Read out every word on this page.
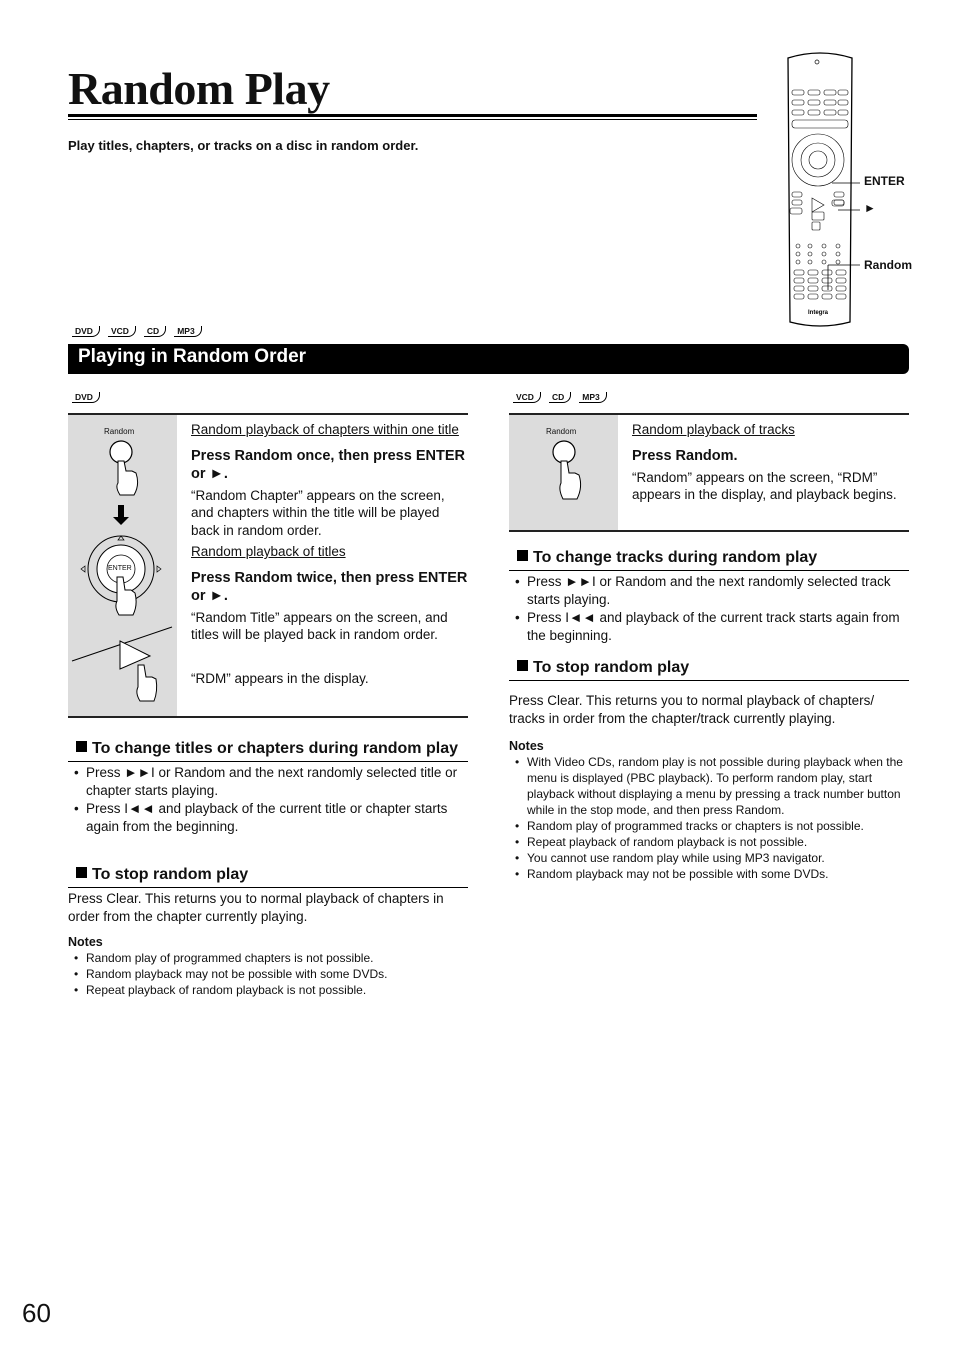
Random Play
Play titles, chapters, or tracks on a disc in random order.
Integra
ENTER
►
Random
DVD	VCD	CD	MP3
Playing in Random Order
DVD
Random
ENTER
Random playback of chapters within one title
Press Random once, then press ENTER or ►.
“Random Chapter” appears on the screen, and chapters within the title will be played back in random order.
Random playback of titles
Press Random twice, then press ENTER or ►.
“Random Title” appears on the screen, and titles will be played back in random order.
“RDM” appears in the display.
To change titles or chapters during random play
• Press ►►I or Random and the next randomly selected title or chapter starts playing.
• Press I◄◄ and playback of the current title or chapter starts again from the beginning.
To stop random play
Press Clear. This returns you to normal playback of chapters in order from the chapter currently playing.
Notes
• Random play of programmed chapters is not possible.
• Random playback may not be possible with some DVDs.
• Repeat playback of random playback is not possible.
VCD	CD	MP3
Random	Random playback of tracks
Press Random.
“Random” appears on the screen, “RDM” appears in the display, and playback begins.
To change tracks during random play
• Press ►►I or Random and the next randomly selected track starts playing.
• Press I◄◄ and playback of the current track starts again from the beginning.
To stop random play
Press Clear. This returns you to normal playback of chapters/ tracks in order from the chapter/track currently playing.
Notes
• With Video CDs, random play is not possible during playback when the menu is displayed (PBC playback). To perform random play, start playback without displaying a menu by pressing a track number button while in the stop mode, and then press Random.
• Random play of programmed tracks or chapters is not possible.
• Repeat playback of random playback is not possible.
• You cannot use random play while using MP3 navigator.
• Random playback may not be possible with some DVDs.
60
